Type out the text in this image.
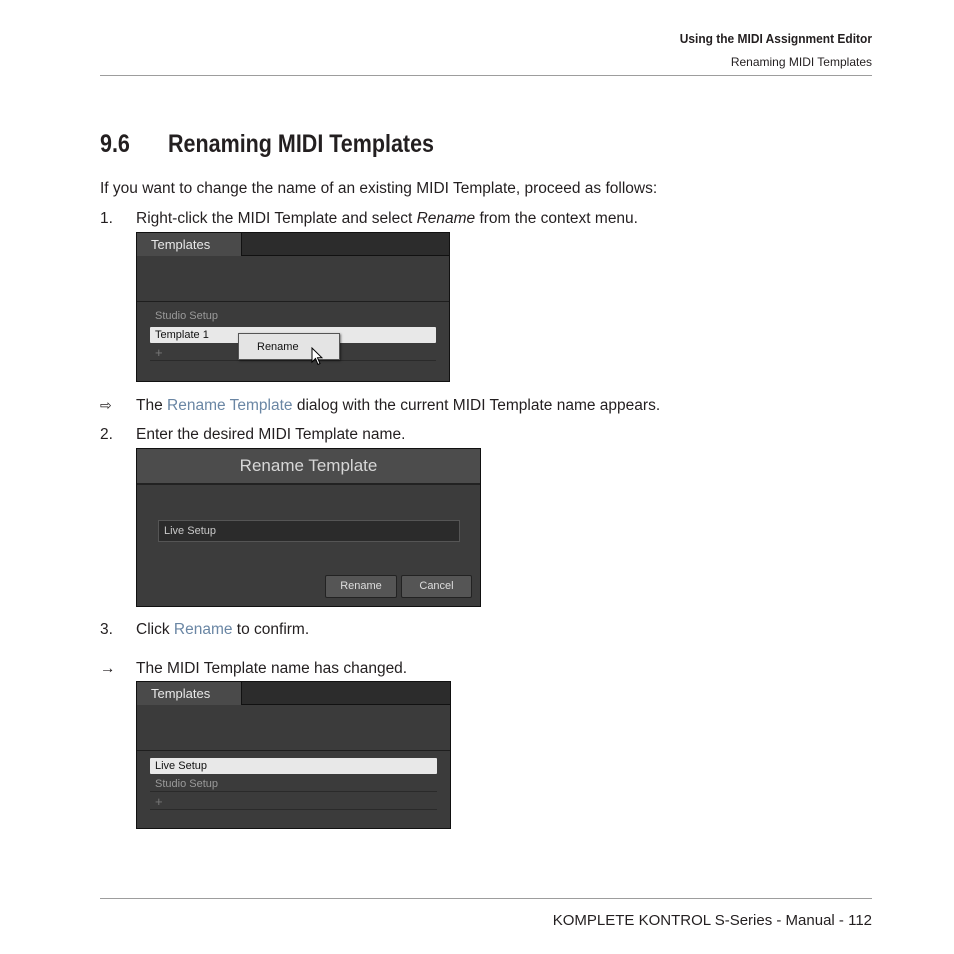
Using the MIDI Assignment Editor
Renaming MIDI Templates
9.6 Renaming MIDI Templates
If you want to change the name of an existing MIDI Template, proceed as follows:
1. Right-click the MIDI Template and select Rename from the context menu.
Templates
Studio Setup
Template 1
+	Rename
⇨ The Rename Template dialog with the current MIDI Template name appears.
2. Enter the desired MIDI Template name.
Rename Template
Live Setup
Rename	Cancel
3. Click Rename to confirm.
→ The MIDI Template name has changed.
Templates
Live Setup
Studio Setup
+
KOMPLETE KONTROL S-Series - Manual - 112
